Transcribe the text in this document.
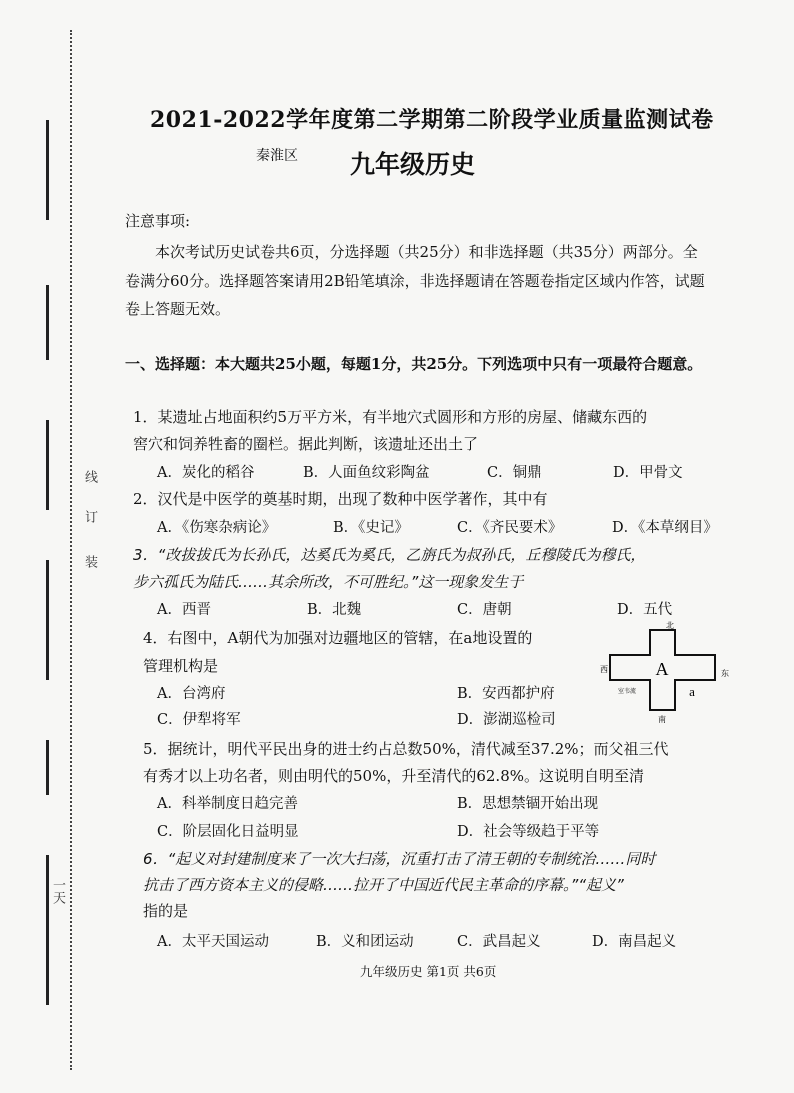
线
订
装
一天
2021-2022学年度第二学期第二阶段学业质量监测试卷
秦淮区 九年级历史
注意事项:
本次考试历史试卷共6页，分选择题（共25分）和非选择题（共35分）两部分。全卷满分60分。选择题答案请用2B铅笔填涂，非选择题请在答题卷指定区域内作答，试题卷上答题无效。
一、选择题：本大题共25小题，每题1分，共25分。下列选项中只有一项最符合题意。
1．某遗址占地面积约5万平方米，有半地穴式圆形和方形的房屋、储藏东西的
窖穴和饲养牲畜的圈栏。据此判断，该遗址还出土了
A．炭化的稻谷	B．人面鱼纹彩陶盆	C．铜鼎	D．甲骨文
2．汉代是中医学的奠基时期，出现了数种中医学著作，其中有
A．《伤寒杂病论》	B．《史记》	C．《齐民要术》	D．《本草纲目》
3．“改拔拔氏为长孙氏，达奚氏为奚氏，乙旃氏为叔孙氏，丘穆陵氏为穆氏，
步六孤氏为陆氏……其余所改，不可胜纪。”这一现象发生于
A．西晋	B．北魏	C．唐朝	D．五代
4．右图中，A朝代为加强对边疆地区的管辖，在a地设置的
管理机构是
A．台湾府	B．安西都护府
C．伊犁将军	D．澎湖巡检司
北
南
西	东
A
a
室韦流
5．据统计，明代平民出身的进士约占总数50%，清代减至37.2%；而父祖三代
有秀才以上功名者，则由明代的50%，升至清代的62.8%。这说明自明至清
A．科举制度日趋完善	B．思想禁锢开始出现
C．阶层固化日益明显	D．社会等级趋于平等
6．“起义对封建制度来了一次大扫荡，沉重打击了清王朝的专制统治……同时
抗击了西方资本主义的侵略……拉开了中国近代民主革命的序幕。”“起义”
指的是
A．太平天国运动	B．义和团运动	C．武昌起义	D．南昌起义
九年级历史 第1页 共6页
